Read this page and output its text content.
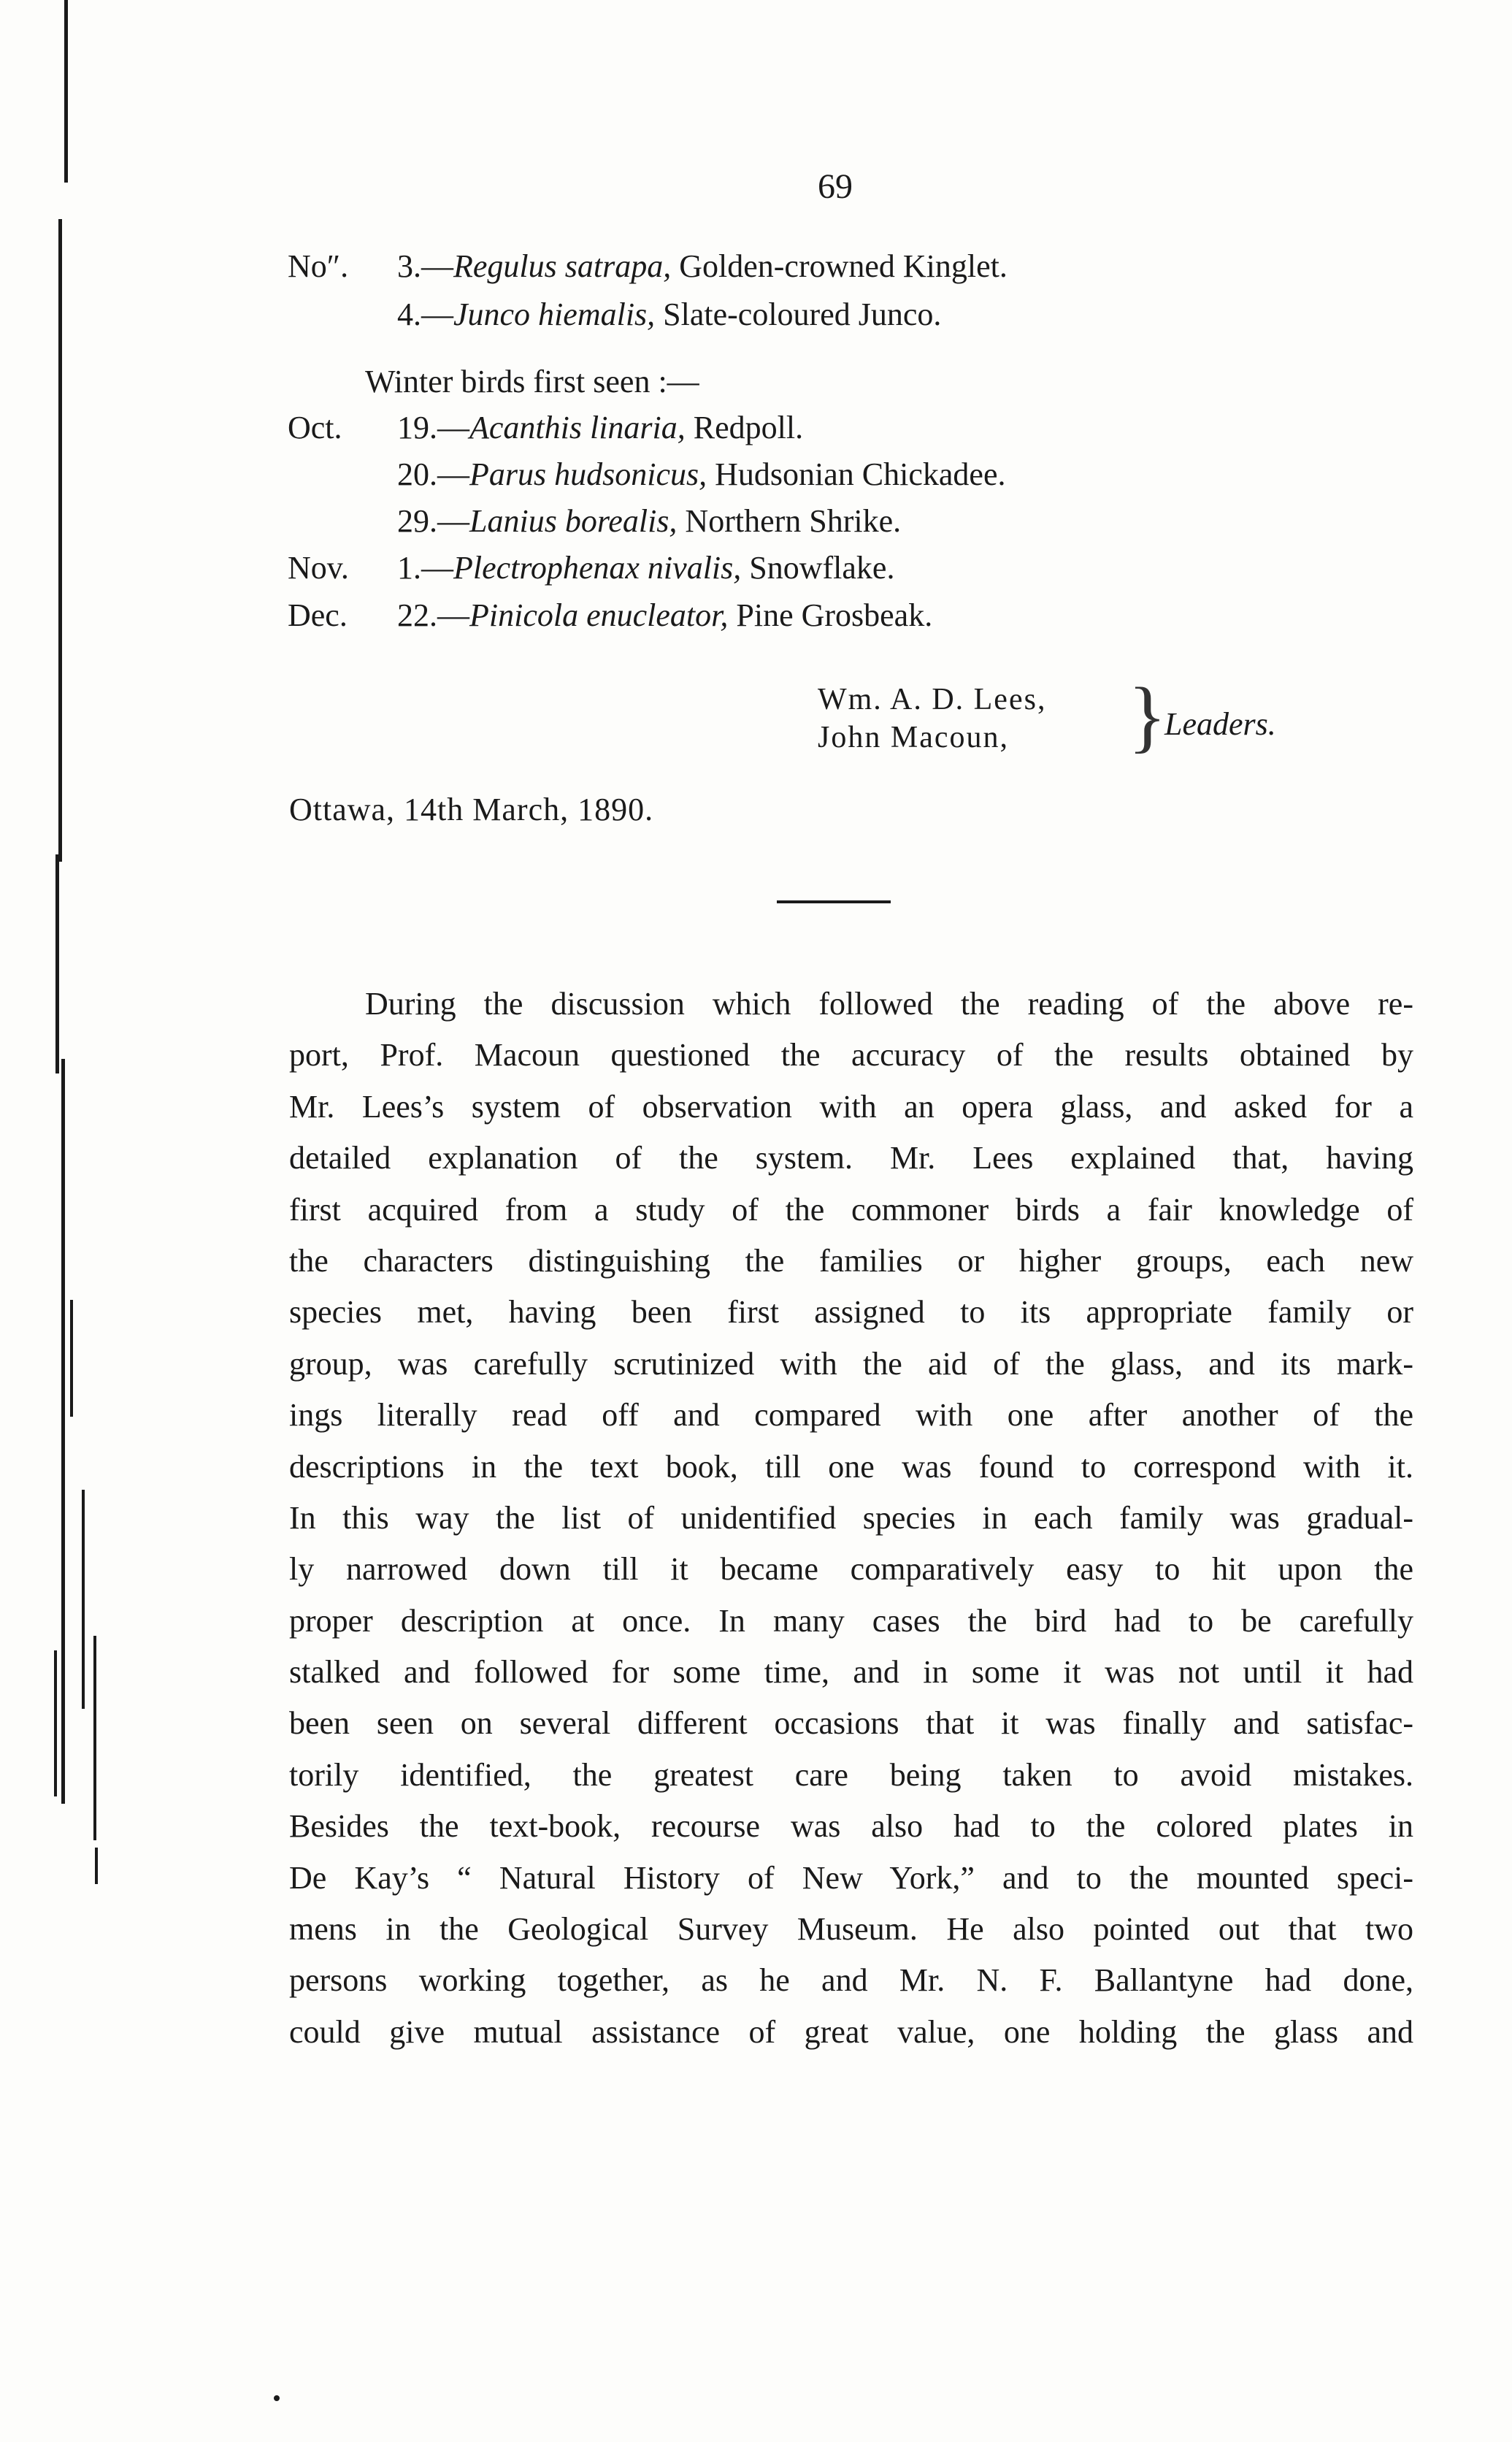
69
No″. 3.—Regulus satrapa, Golden-crowned Kinglet.
4.—Junco hiemalis, Slate-coloured Junco.
Winter birds first seen :—
Oct. 19.—Acanthis linaria, Redpoll.
20.—Parus hudsonicus, Hudsonian Chickadee.
29.—Lanius borealis, Northern Shrike.
Nov. 1.—Plectrophenax nivalis, Snowflake.
Dec. 22.—Pinicola enucleator, Pine Grosbeak.
Wm. A. D. Lees,
John Macoun,	}
Leaders.
Ottawa, 14th March, 1890.
During the discussion which followed the reading of the above re-
port, Prof. Macoun questioned the accuracy of the results obtained by
Mr. Lees’s system of observation with an opera glass, and asked for a
detailed explanation of the system. Mr. Lees explained that, having
first acquired from a study of the commoner birds a fair knowledge of
the characters distinguishing the families or higher groups, each new
species met, having been first assigned to its appropriate family or
group, was carefully scrutinized with the aid of the glass, and its mark-
ings literally read off and compared with one after another of the
descriptions in the text book, till one was found to correspond with it.
In this way the list of unidentified species in each family was gradual-
ly narrowed down till it became comparatively easy to hit upon the
proper description at once. In many cases the bird had to be carefully
stalked and followed for some time, and in some it was not until it had
been seen on several different occasions that it was finally and satisfac-
torily identified, the greatest care being taken to avoid mistakes.
Besides the text-book, recourse was also had to the colored plates in
De Kay’s “ Natural History of New York,” and to the mounted speci-
mens in the Geological Survey Museum. He also pointed out that two
persons working together, as he and Mr. N. F. Ballantyne had done,
could give mutual assistance of great value, one holding the glass and
